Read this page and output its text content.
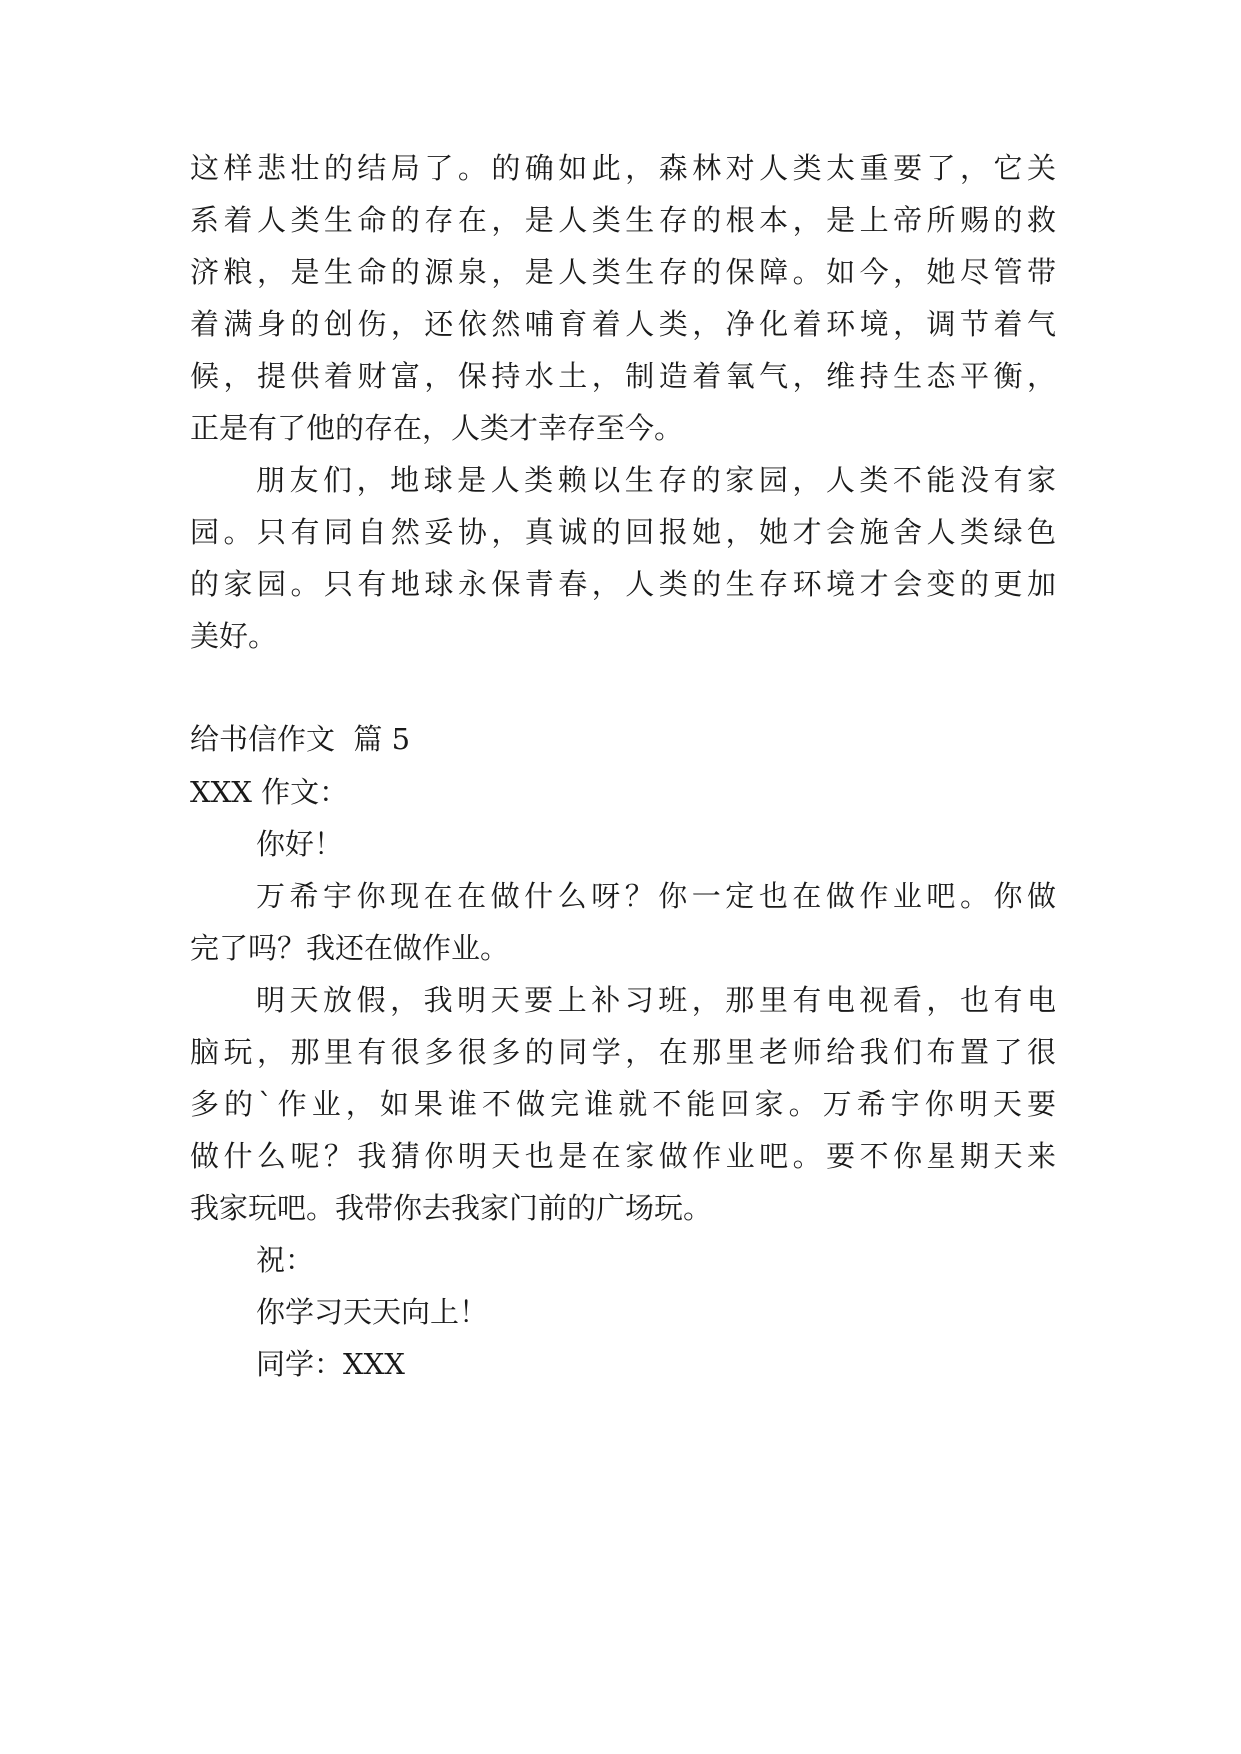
这样悲壮的结局了。的确如此，森林对人类太重要了，它关
系着人类生命的存在，是人类生存的根本，是上帝所赐的救
济粮，是生命的源泉，是人类生存的保障。如今，她尽管带
着满身的创伤，还依然哺育着人类，净化着环境，调节着气
候，提供着财富，保持水土，制造着氧气，维持生态平衡，
正是有了他的存在，人类才幸存至今。
朋友们，地球是人类赖以生存的家园，人类不能没有家
园。只有同自然妥协，真诚的回报她，她才会施舍人类绿色
的家园。只有地球永保青春，人类的生存环境才会变的更加
美好。
给书信作文  篇 5
XXX 作文：
你好！
万希宇你现在在做什么呀？你一定也在做作业吧。你做
完了吗？我还在做作业。
明天放假，我明天要上补习班，那里有电视看，也有电
脑玩，那里有很多很多的同学，在那里老师给我们布置了很
多的`作业，如果谁不做完谁就不能回家。万希宇你明天要
做什么呢？我猜你明天也是在家做作业吧。要不你星期天来
我家玩吧。我带你去我家门前的广场玩。
祝：
你学习天天向上！
同学：XXX
